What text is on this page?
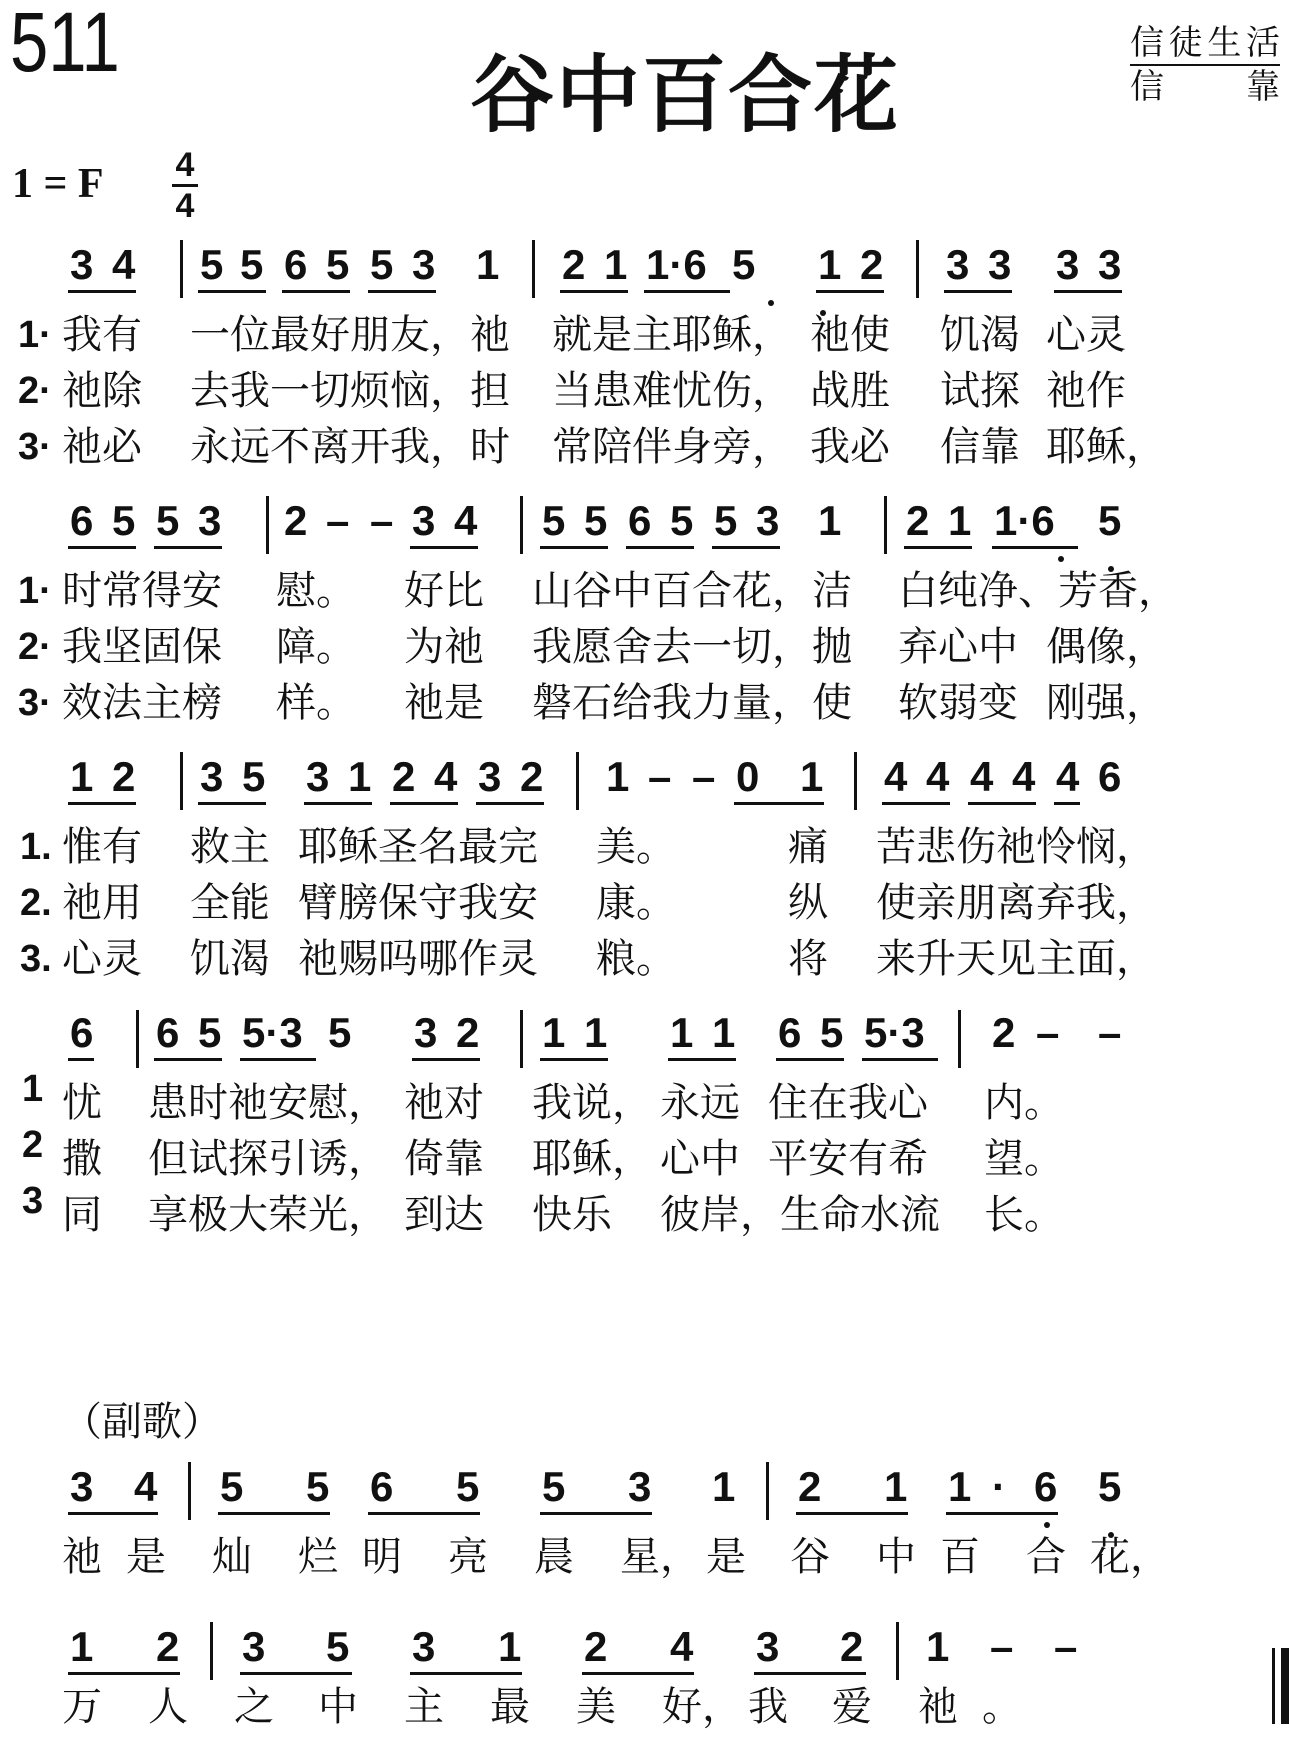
511
谷中百合花
信徒生活
信　靠
1 = F 4
4
3 4 5 5 6 5 5 3 1 2 1 1·6 5 1 2 3 3 3 3
1· 我有 一位最好朋友，祂 就是主耶稣， 祂使 饥渴 心灵
2· 祂除 去我一切烦恼，担 当患难忧伤， 战胜 试探 祂作
3· 祂必 永远不离开我，时 常陪伴身旁， 我必 信靠 耶稣，
6 5 5 3 2 – – 3 4 5 5 6 5 5 3 1 2 1 1·6 5
1· 时常得安 慰。 好比 山谷中百合花，洁 白纯净、芳香，
2· 我坚固保 障。 为祂 我愿舍去一切，抛 弃心中 偶像，
3· 效法主榜 样。 祂是 磐石给我力量，使 软弱变 刚强，
1 2 3 5 3 1 2 4 3 2 1 – – 0 1 4 4 4 4 4 6
1. 惟有 救主 耶稣圣名最完 美。	痛 苦悲伤祂怜悯，
2. 祂用 全能 臂膀保守我安 康。	纵 使亲朋离弃我，
3. 心灵 饥渴 祂赐吗哪作灵 粮。	将 来升天见主面，
6 6 5 5·3 5 3 2 1 1 1 1 6 5 5·3 2 – –
1 忧 患时祂安慰， 祂对 我说， 永远 住在我心 内。
2 撒 但试探引诱， 倚靠 耶稣， 心中 平安有希 望。
3 同 享极大荣光， 到达 快乐 彼岸，生命水流 长。
（副歌）
3 4 5 5 6 5 5 3 1 2 1 1 · 6 5
祂 是 灿 烂 明 亮 晨 星， 是 谷 中 百 合 花，
1 2 3 5 3 1 2 4 3 2 1 – –
万 人 之 中 主 最 美 好， 我 爱 祂 。
